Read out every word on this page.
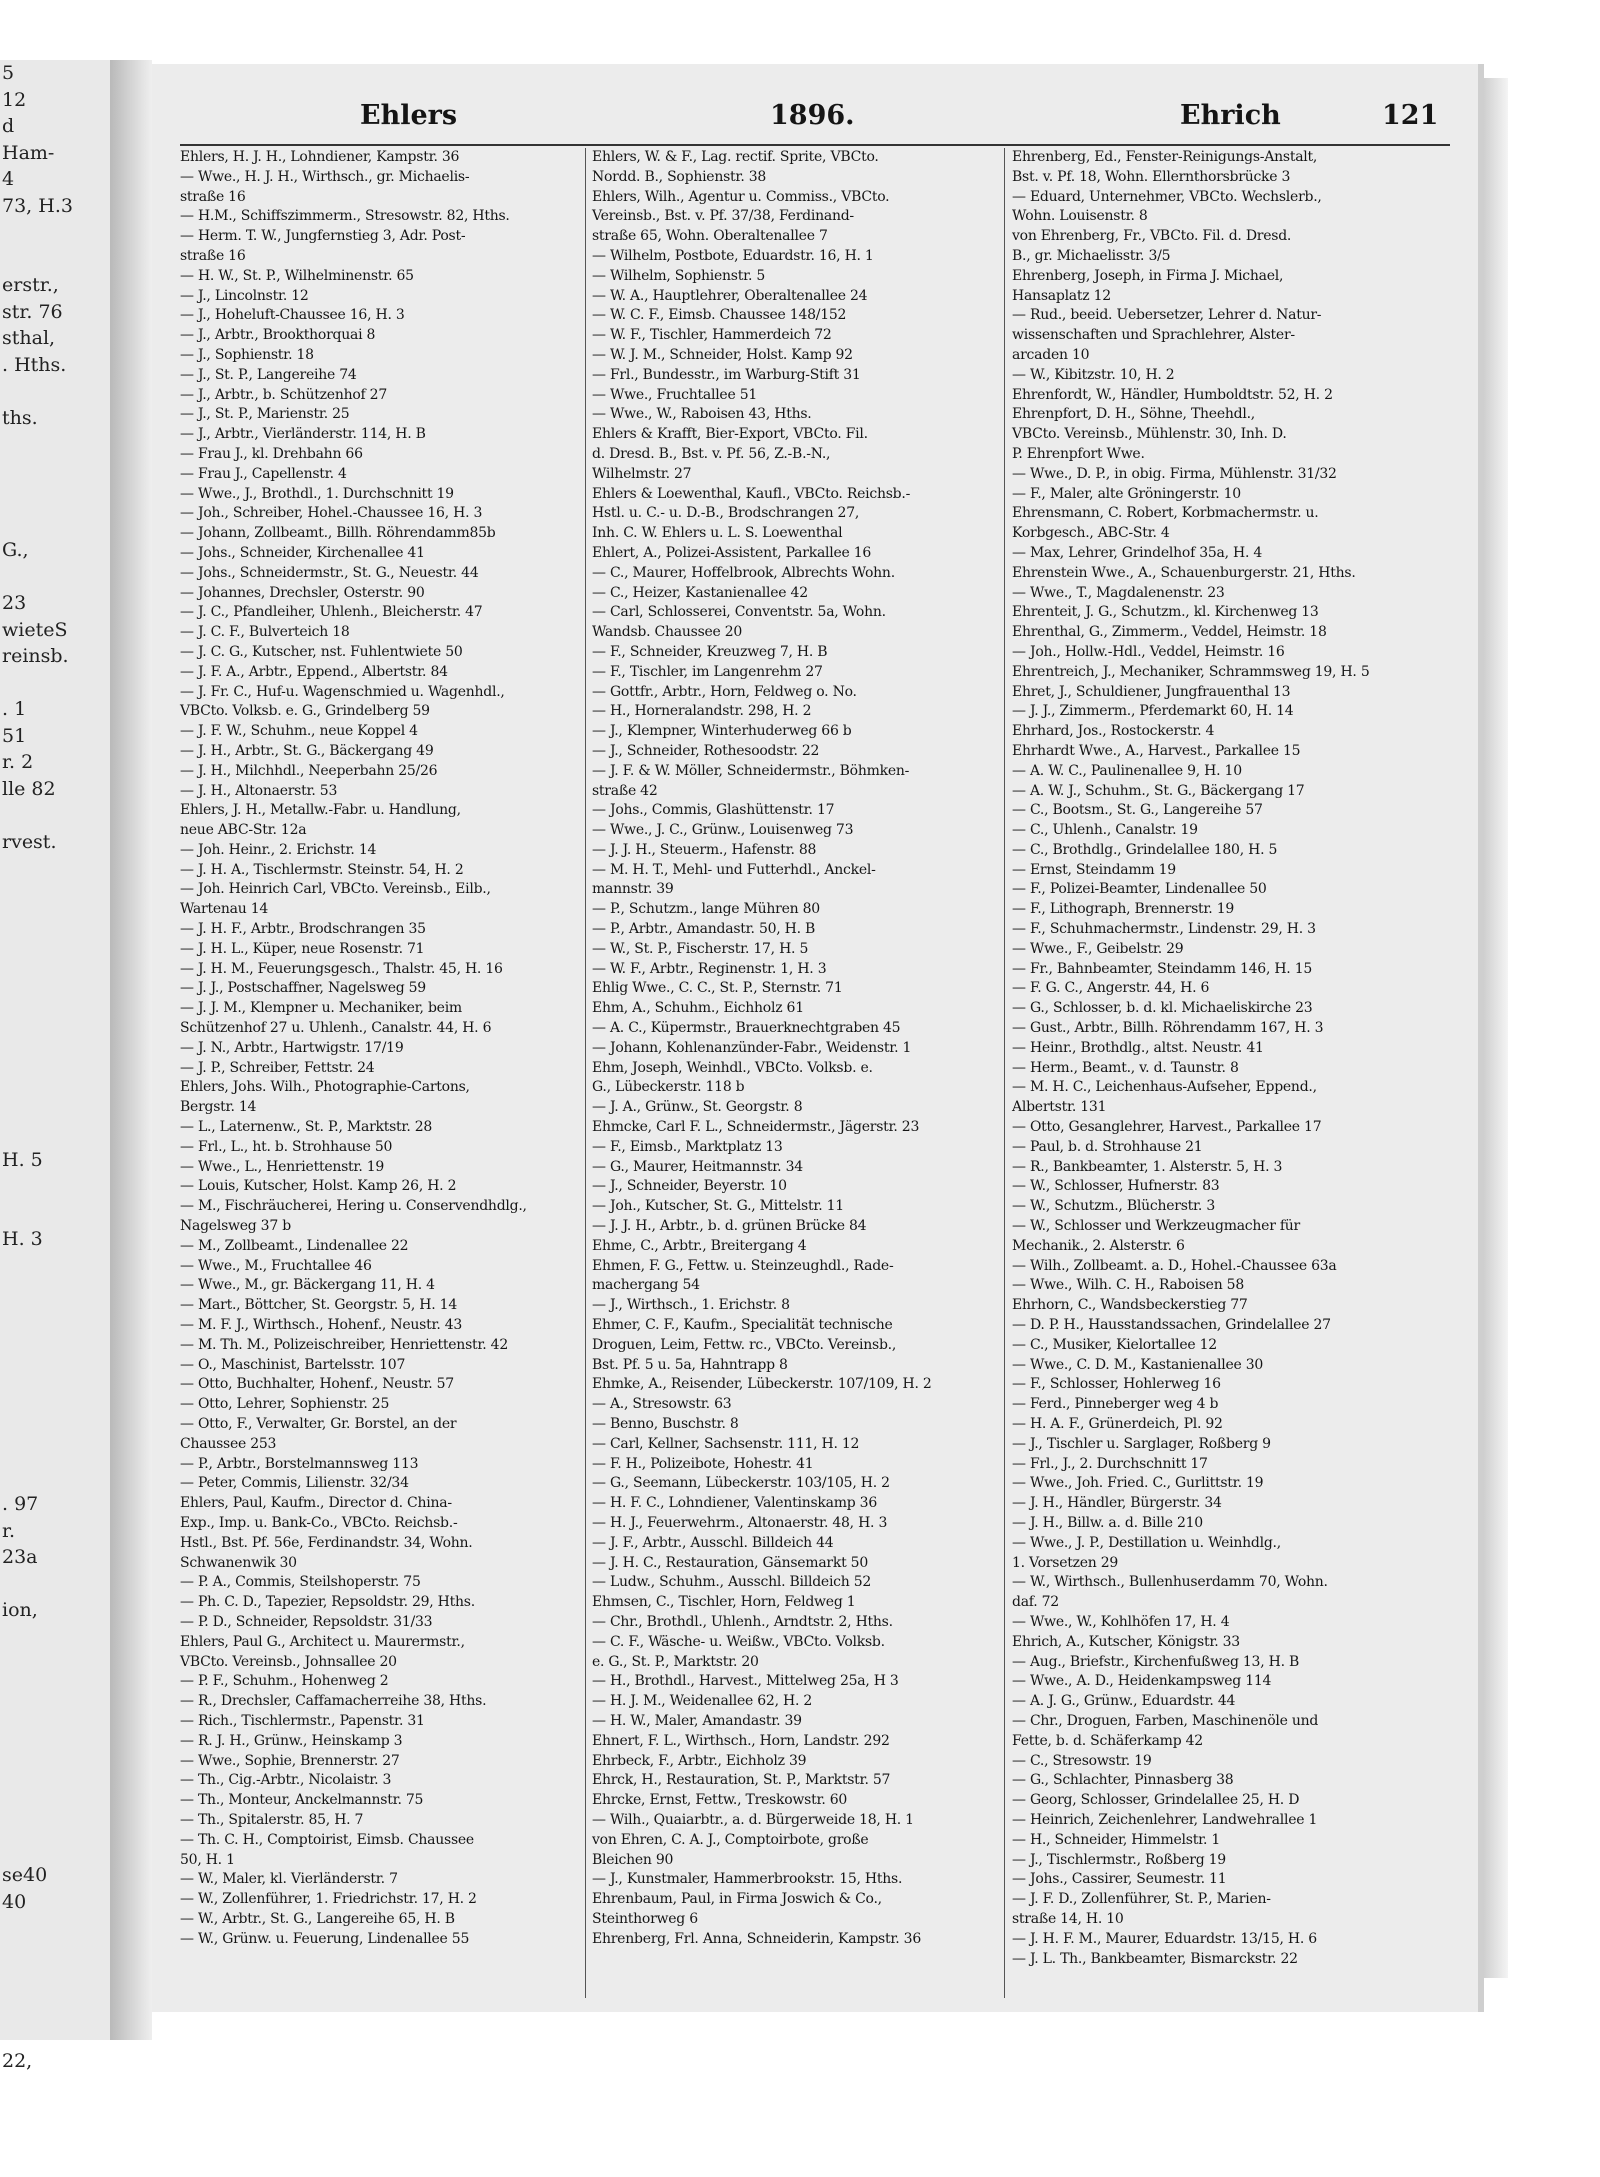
5
12
d
Ham-
4
73, H.3

erstr.,
str. 76
sthal,
. Hths.

ths.

G.,

23
wieteS
reinsb.

. 1
51
r. 2
lle 82

rvest.

H. 5

H. 3

. 97
r.
23a

ion,

se40
40

22,
Ehlers	1896.	Ehrich	121
Ehlers, H. J. H., Lohndiener, Kampstr. 36
— Wwe., H. J. H., Wirthsch., gr. Michaelis-
straße 16
— H.M., Schiffszimmerm., Stresowstr. 82, Hths.
— Herm. T. W., Jungfernstieg 3, Adr. Post-
straße 16
— H. W., St. P., Wilhelminenstr. 65
— J., Lincolnstr. 12
— J., Hoheluft-Chaussee 16, H. 3
— J., Arbtr., Brookthorquai 8
— J., Sophienstr. 18
— J., St. P., Langereihe 74
— J., Arbtr., b. Schützenhof 27
— J., St. P., Marienstr. 25
— J., Arbtr., Vierländerstr. 114, H. B
— Frau J., kl. Drehbahn 66
— Frau J., Capellenstr. 4
— Wwe., J., Brothdl., 1. Durchschnitt 19
— Joh., Schreiber, Hohel.-Chaussee 16, H. 3
— Johann, Zollbeamt., Billh. Röhrendamm85b
— Johs., Schneider, Kirchenallee 41
— Johs., Schneidermstr., St. G., Neuestr. 44
— Johannes, Drechsler, Osterstr. 90
— J. C., Pfandleiher, Uhlenh., Bleicherstr. 47
— J. C. F., Bulverteich 18
— J. C. G., Kutscher, nst. Fuhlentwiete 50
— J. F. A., Arbtr., Eppend., Albertstr. 84
— J. Fr. C., Huf-u. Wagenschmied u. Wagenhdl.,
VBCto. Volksb. e. G., Grindelberg 59
— J. F. W., Schuhm., neue Koppel 4
— J. H., Arbtr., St. G., Bäckergang 49
— J. H., Milchhdl., Neeperbahn 25/26
— J. H., Altonaerstr. 53
Ehlers, J. H., Metallw.-Fabr. u. Handlung,
neue ABC-Str. 12a
— Joh. Heinr., 2. Erichstr. 14
— J. H. A., Tischlermstr. Steinstr. 54, H. 2
— Joh. Heinrich Carl, VBCto. Vereinsb., Eilb.,
Wartenau 14
— J. H. F., Arbtr., Brodschrangen 35
— J. H. L., Küper, neue Rosenstr. 71
— J. H. M., Feuerungsgesch., Thalstr. 45, H. 16
— J. J., Postschaffner, Nagelsweg 59
— J. J. M., Klempner u. Mechaniker, beim
Schützenhof 27 u. Uhlenh., Canalstr. 44, H. 6
— J. N., Arbtr., Hartwigstr. 17/19
— J. P., Schreiber, Fettstr. 24
Ehlers, Johs. Wilh., Photographie-Cartons,
Bergstr. 14
— L., Laternenw., St. P., Marktstr. 28
— Frl., L., ht. b. Strohhause 50
— Wwe., L., Henriettenstr. 19
— Louis, Kutscher, Holst. Kamp 26, H. 2
— M., Fischräucherei, Hering u. Conservendhdlg.,
Nagelsweg 37 b
— M., Zollbeamt., Lindenallee 22
— Wwe., M., Fruchtallee 46
— Wwe., M., gr. Bäckergang 11, H. 4
— Mart., Böttcher, St. Georgstr. 5, H. 14
— M. F. J., Wirthsch., Hohenf., Neustr. 43
— M. Th. M., Polizeischreiber, Henriettenstr. 42
— O., Maschinist, Bartelsstr. 107
— Otto, Buchhalter, Hohenf., Neustr. 57
— Otto, Lehrer, Sophienstr. 25
— Otto, F., Verwalter, Gr. Borstel, an der
Chaussee 253
— P., Arbtr., Borstelmannsweg 113
— Peter, Commis, Lilienstr. 32/34
Ehlers, Paul, Kaufm., Director d. China-
Exp., Imp. u. Bank-Co., VBCto. Reichsb.-
Hstl., Bst. Pf. 56e, Ferdinandstr. 34, Wohn.
Schwanenwik 30
— P. A., Commis, Steilshoperstr. 75
— Ph. C. D., Tapezier, Repsoldstr. 29, Hths.
— P. D., Schneider, Repsoldstr. 31/33
Ehlers, Paul G., Architect u. Maurermstr.,
VBCto. Vereinsb., Johnsallee 20
— P. F., Schuhm., Hohenweg 2
— R., Drechsler, Caffamacherreihe 38, Hths.
— Rich., Tischlermstr., Papenstr. 31
— R. J. H., Grünw., Heinskamp 3
— Wwe., Sophie, Brennerstr. 27
— Th., Cig.-Arbtr., Nicolaistr. 3
— Th., Monteur, Anckelmannstr. 75
— Th., Spitalerstr. 85, H. 7
— Th. C. H., Comptoirist, Eimsb. Chaussee
50, H. 1
— W., Maler, kl. Vierländerstr. 7
— W., Zollenführer, 1. Friedrichstr. 17, H. 2
— W., Arbtr., St. G., Langereihe 65, H. B
— W., Grünw. u. Feuerung, Lindenallee 55
Ehlers, W. & F., Lag. rectif. Sprite, VBCto.
Nordd. B., Sophienstr. 38
Ehlers, Wilh., Agentur u. Commiss., VBCto.
Vereinsb., Bst. v. Pf. 37/38, Ferdinand-
straße 65, Wohn. Oberaltenallee 7
— Wilhelm, Postbote, Eduardstr. 16, H. 1
— Wilhelm, Sophienstr. 5
— W. A., Hauptlehrer, Oberaltenallee 24
— W. C. F., Eimsb. Chaussee 148/152
— W. F., Tischler, Hammerdeich 72
— W. J. M., Schneider, Holst. Kamp 92
— Frl., Bundesstr., im Warburg-Stift 31
— Wwe., Fruchtallee 51
— Wwe., W., Raboisen 43, Hths.
Ehlers & Krafft, Bier-Export, VBCto. Fil.
d. Dresd. B., Bst. v. Pf. 56, Z.-B.-N.,
Wilhelmstr. 27
Ehlers & Loewenthal, Kaufl., VBCto. Reichsb.-
Hstl. u. C.- u. D.-B., Brodschrangen 27,
Inh. C. W. Ehlers u. L. S. Loewenthal
Ehlert, A., Polizei-Assistent, Parkallee 16
— C., Maurer, Hoffelbrook, Albrechts Wohn.
— C., Heizer, Kastanienallee 42
— Carl, Schlosserei, Conventstr. 5a, Wohn.
Wandsb. Chaussee 20
— F., Schneider, Kreuzweg 7, H. B
— F., Tischler, im Langenrehm 27
— Gottfr., Arbtr., Horn, Feldweg o. No.
— H., Horneralandstr. 298, H. 2
— J., Klempner, Winterhuderweg 66 b
— J., Schneider, Rothesoodstr. 22
— J. F. & W. Möller, Schneidermstr., Böhmken-
straße 42
— Johs., Commis, Glashüttenstr. 17
— Wwe., J. C., Grünw., Louisenweg 73
— J. J. H., Steuerm., Hafenstr. 88
— M. H. T., Mehl- und Futterhdl., Anckel-
mannstr. 39
— P., Schutzm., lange Mühren 80
— P., Arbtr., Amandastr. 50, H. B
— W., St. P., Fischerstr. 17, H. 5
— W. F., Arbtr., Reginenstr. 1, H. 3
Ehlig Wwe., C. C., St. P., Sternstr. 71
Ehm, A., Schuhm., Eichholz 61
— A. C., Küpermstr., Brauerknechtgraben 45
— Johann, Kohlenanzünder-Fabr., Weidenstr. 1
Ehm, Joseph, Weinhdl., VBCto. Volksb. e.
G., Lübeckerstr. 118 b
— J. A., Grünw., St. Georgstr. 8
Ehmcke, Carl F. L., Schneidermstr., Jägerstr. 23
— F., Eimsb., Marktplatz 13
— G., Maurer, Heitmannstr. 34
— J., Schneider, Beyerstr. 10
— Joh., Kutscher, St. G., Mittelstr. 11
— J. J. H., Arbtr., b. d. grünen Brücke 84
Ehme, C., Arbtr., Breitergang 4
Ehmen, F. G., Fettw. u. Steinzeughdl., Rade-
machergang 54
— J., Wirthsch., 1. Erichstr. 8
Ehmer, C. F., Kaufm., Specialität technische
Droguen, Leim, Fettw. rc., VBCto. Vereinsb.,
Bst. Pf. 5 u. 5a, Hahntrapp 8
Ehmke, A., Reisender, Lübeckerstr. 107/109, H. 2
— A., Stresowstr. 63
— Benno, Buschstr. 8
— Carl, Kellner, Sachsenstr. 111, H. 12
— F. H., Polizeibote, Hohestr. 41
— G., Seemann, Lübeckerstr. 103/105, H. 2
— H. F. C., Lohndiener, Valentinskamp 36
— H. J., Feuerwehrm., Altonaerstr. 48, H. 3
— J. F., Arbtr., Ausschl. Billdeich 44
— J. H. C., Restauration, Gänsemarkt 50
— Ludw., Schuhm., Ausschl. Billdeich 52
Ehmsen, C., Tischler, Horn, Feldweg 1
— Chr., Brothdl., Uhlenh., Arndtstr. 2, Hths.
— C. F., Wäsche- u. Weißw., VBCto. Volksb.
e. G., St. P., Marktstr. 20
— H., Brothdl., Harvest., Mittelweg 25a, H 3
— H. J. M., Weidenallee 62, H. 2
— H. W., Maler, Amandastr. 39
Ehnert, F. L., Wirthsch., Horn, Landstr. 292
Ehrbeck, F., Arbtr., Eichholz 39
Ehrck, H., Restauration, St. P., Marktstr. 57
Ehrcke, Ernst, Fettw., Treskowstr. 60
— Wilh., Quaiarbtr., a. d. Bürgerweide 18, H. 1
von Ehren, C. A. J., Comptoirbote, große
Bleichen 90
— J., Kunstmaler, Hammerbrookstr. 15, Hths.
Ehrenbaum, Paul, in Firma Joswich & Co.,
Steinthorweg 6
Ehrenberg, Frl. Anna, Schneiderin, Kampstr. 36
Ehrenberg, Ed., Fenster-Reinigungs-Anstalt,
Bst. v. Pf. 18, Wohn. Ellernthorsbrücke 3
— Eduard, Unternehmer, VBCto. Wechslerb.,
Wohn. Louisenstr. 8
von Ehrenberg, Fr., VBCto. Fil. d. Dresd.
B., gr. Michaelisstr. 3/5
Ehrenberg, Joseph, in Firma J. Michael,
Hansaplatz 12
— Rud., beeid. Uebersetzer, Lehrer d. Natur-
wissenschaften und Sprachlehrer, Alster-
arcaden 10
— W., Kibitzstr. 10, H. 2
Ehrenfordt, W., Händler, Humboldtstr. 52, H. 2
Ehrenpfort, D. H., Söhne, Theehdl.,
VBCto. Vereinsb., Mühlenstr. 30, Inh. D.
P. Ehrenpfort Wwe.
— Wwe., D. P., in obig. Firma, Mühlenstr. 31/32
— F., Maler, alte Gröningerstr. 10
Ehrensmann, C. Robert, Korbmachermstr. u.
Korbgesch., ABC-Str. 4
— Max, Lehrer, Grindelhof 35a, H. 4
Ehrenstein Wwe., A., Schauenburgerstr. 21, Hths.
— Wwe., T., Magdalenenstr. 23
Ehrenteit, J. G., Schutzm., kl. Kirchenweg 13
Ehrenthal, G., Zimmerm., Veddel, Heimstr. 18
— Joh., Hollw.-Hdl., Veddel, Heimstr. 16
Ehrentreich, J., Mechaniker, Schrammsweg 19, H. 5
Ehret, J., Schuldiener, Jungfrauenthal 13
— J. J., Zimmerm., Pferdemarkt 60, H. 14
Ehrhard, Jos., Rostockerstr. 4
Ehrhardt Wwe., A., Harvest., Parkallee 15
— A. W. C., Paulinenallee 9, H. 10
— A. W. J., Schuhm., St. G., Bäckergang 17
— C., Bootsm., St. G., Langereihe 57
— C., Uhlenh., Canalstr. 19
— C., Brothdlg., Grindelallee 180, H. 5
— Ernst, Steindamm 19
— F., Polizei-Beamter, Lindenallee 50
— F., Lithograph, Brennerstr. 19
— F., Schuhmachermstr., Lindenstr. 29, H. 3
— Wwe., F., Geibelstr. 29
— Fr., Bahnbeamter, Steindamm 146, H. 15
— F. G. C., Angerstr. 44, H. 6
— G., Schlosser, b. d. kl. Michaeliskirche 23
— Gust., Arbtr., Billh. Röhrendamm 167, H. 3
— Heinr., Brothdlg., altst. Neustr. 41
— Herm., Beamt., v. d. Taunstr. 8
— M. H. C., Leichenhaus-Aufseher, Eppend.,
Albertstr. 131
— Otto, Gesanglehrer, Harvest., Parkallee 17
— Paul, b. d. Strohhause 21
— R., Bankbeamter, 1. Alsterstr. 5, H. 3
— W., Schlosser, Hufnerstr. 83
— W., Schutzm., Blücherstr. 3
— W., Schlosser und Werkzeugmacher für
Mechanik., 2. Alsterstr. 6
— Wilh., Zollbeamt. a. D., Hohel.-Chaussee 63a
— Wwe., Wilh. C. H., Raboisen 58
Ehrhorn, C., Wandsbeckerstieg 77
— D. P. H., Hausstandssachen, Grindelallee 27
— C., Musiker, Kielortallee 12
— Wwe., C. D. M., Kastanienallee 30
— F., Schlosser, Hohlerweg 16
— Ferd., Pinneberger weg 4 b
— H. A. F., Grünerdeich, Pl. 92
— J., Tischler u. Sarglager, Roßberg 9
— Frl., J., 2. Durchschnitt 17
— Wwe., Joh. Fried. C., Gurlittstr. 19
— J. H., Händler, Bürgerstr. 34
— J. H., Billw. a. d. Bille 210
— Wwe., J. P., Destillation u. Weinhdlg.,
1. Vorsetzen 29
— W., Wirthsch., Bullenhuserdamm 70, Wohn.
daf. 72
— Wwe., W., Kohlhöfen 17, H. 4
Ehrich, A., Kutscher, Königstr. 33
— Aug., Briefstr., Kirchenfußweg 13, H. B
— Wwe., A. D., Heidenkampsweg 114
— A. J. G., Grünw., Eduardstr. 44
— Chr., Droguen, Farben, Maschinenöle und
Fette, b. d. Schäferkamp 42
— C., Stresowstr. 19
— G., Schlachter, Pinnasberg 38
— Georg, Schlosser, Grindelallee 25, H. D
— Heinrich, Zeichenlehrer, Landwehrallee 1
— H., Schneider, Himmelstr. 1
— J., Tischlermstr., Roßberg 19
— Johs., Cassirer, Seumestr. 11
— J. F. D., Zollenführer, St. P., Marien-
straße 14, H. 10
— J. H. F. M., Maurer, Eduardstr. 13/15, H. 6
— J. L. Th., Bankbeamter, Bismarckstr. 22
